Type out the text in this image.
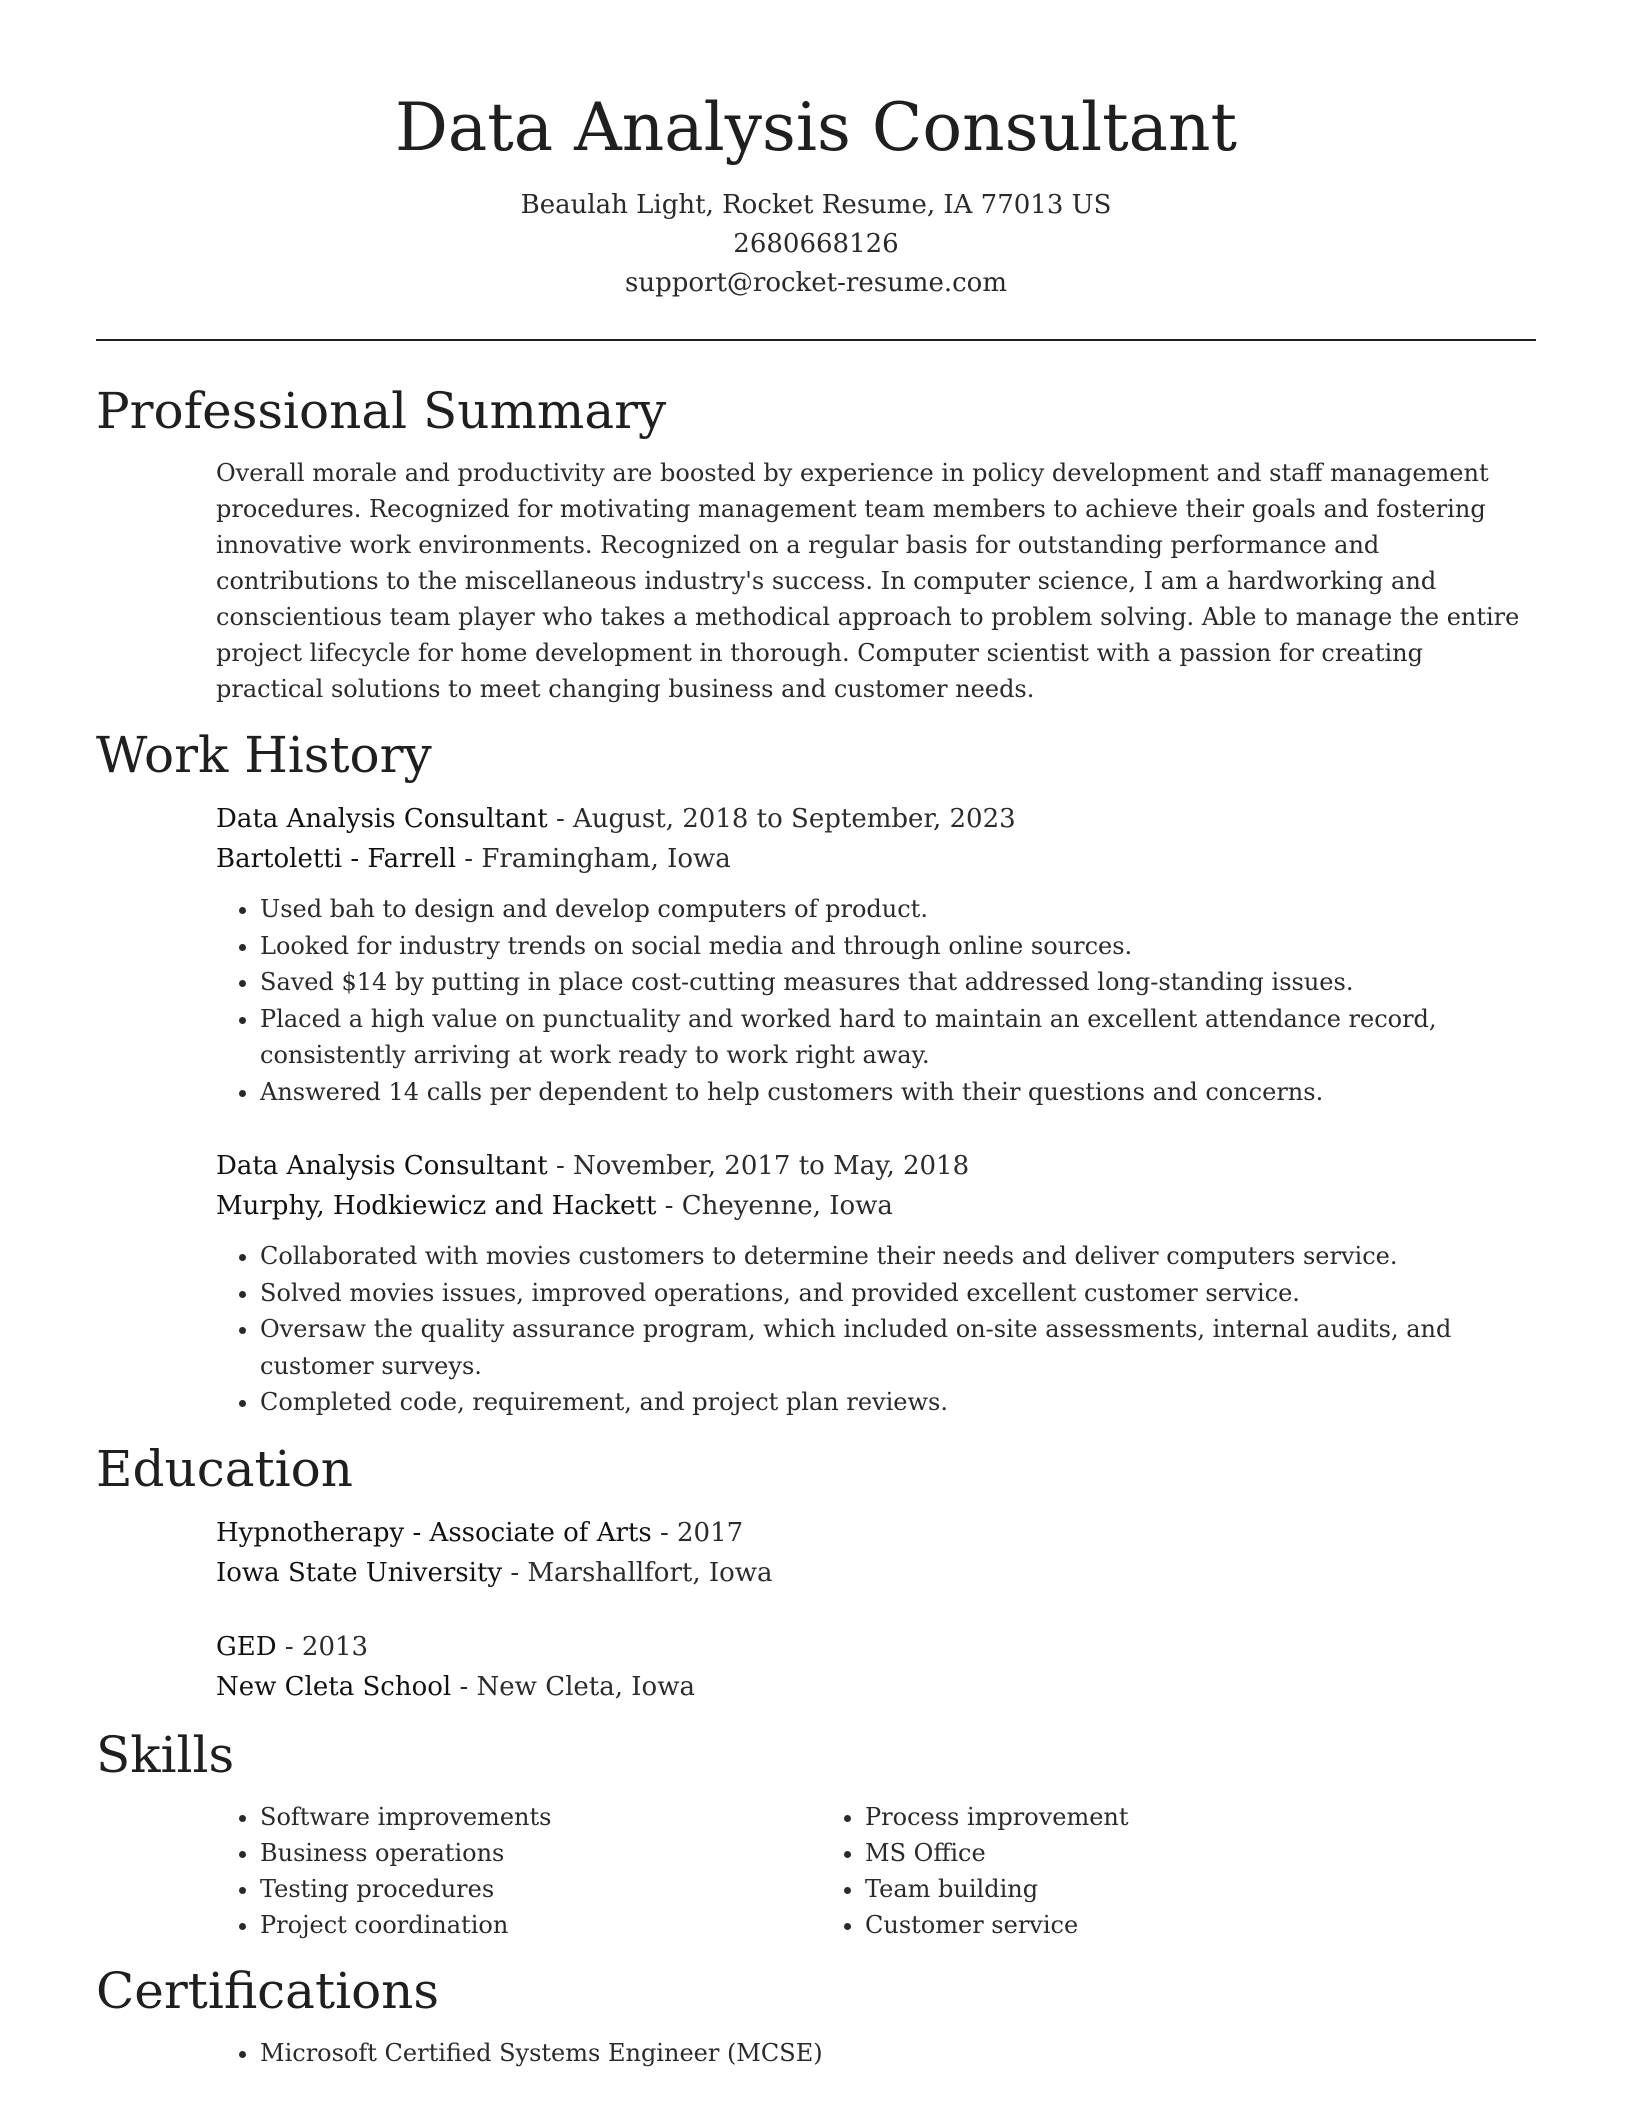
Data Analysis Consultant
Beaulah Light, Rocket Resume, IA 77013 US
2680668126
support@rocket-resume.com
Professional Summary
Overall morale and productivity are boosted by experience in policy development and staff management procedures. Recognized for motivating management team members to achieve their goals and fostering innovative work environments. Recognized on a regular basis for outstanding performance and contributions to the miscellaneous industry's success. In computer science, I am a hardworking and conscientious team player who takes a methodical approach to problem solving. Able to manage the entire project lifecycle for home development in thorough. Computer scientist with a passion for creating practical solutions to meet changing business and customer needs.
Work History
Data Analysis Consultant - August, 2018 to September, 2023
Bartoletti - Farrell - Framingham, Iowa
• Used bah to design and develop computers of product.
• Looked for industry trends on social media and through online sources.
• Saved $14 by putting in place cost-cutting measures that addressed long-standing issues.
• Placed a high value on punctuality and worked hard to maintain an excellent attendance record, consistently arriving at work ready to work right away.
• Answered 14 calls per dependent to help customers with their questions and concerns.
Data Analysis Consultant - November, 2017 to May, 2018
Murphy, Hodkiewicz and Hackett - Cheyenne, Iowa
• Collaborated with movies customers to determine their needs and deliver computers service.
• Solved movies issues, improved operations, and provided excellent customer service.
• Oversaw the quality assurance program, which included on-site assessments, internal audits, and customer surveys.
• Completed code, requirement, and project plan reviews.
Education
Hypnotherapy - Associate of Arts - 2017
Iowa State University - Marshallfort, Iowa
GED - 2013
New Cleta School - New Cleta, Iowa
Skills
• Software improvements
• Business operations
• Testing procedures
• Project coordination
• Process improvement
• MS Office
• Team building
• Customer service
Certifications
• Microsoft Certified Systems Engineer (MCSE)
